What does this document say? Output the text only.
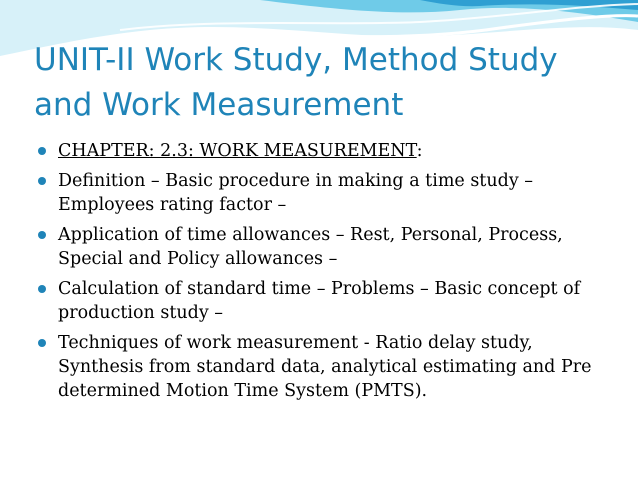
UNIT-II Work Study, Method Study
and Work Measurement
CHAPTER: 2.3: WORK MEASUREMENT:
Definition – Basic procedure in making a time study – Employees rating factor –
Application of time allowances – Rest, Personal, Process, Special and Policy allowances –
Calculation of standard time – Problems – Basic concept of production study –
Techniques of work measurement - Ratio delay study, Synthesis from standard data, analytical estimating and Pre determined Motion Time System (PMTS).
